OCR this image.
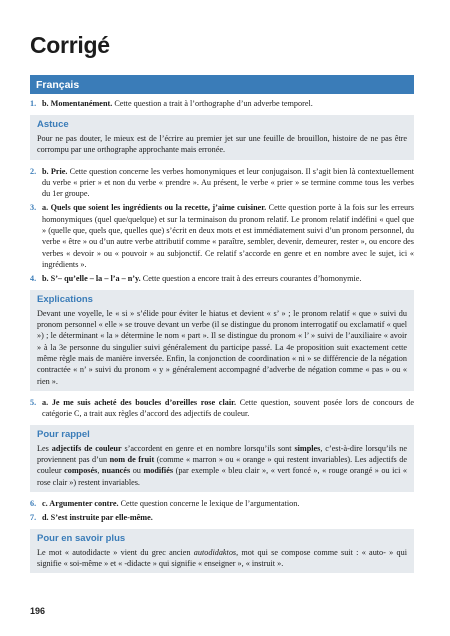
Corrigé
Français
1. b. Momentanément. Cette question a trait à l’orthographe d’un adverbe temporel.
Astuce
Pour ne pas douter, le mieux est de l’écrire au premier jet sur une feuille de brouillon, histoire de ne pas être corrompu par une orthographe approchante mais erronée.
2. b. Prie. Cette question concerne les verbes homonymiques et leur conjugaison. Il s’agit bien là contextuellement du verbe « prier » et non du verbe « prendre ». Au présent, le verbe « prier » se termine comme tous les verbes du 1er groupe.
3. a. Quels que soient les ingrédients ou la recette, j’aime cuisiner. Cette question porte à la fois sur les erreurs homonymiques (quel que/quelque) et sur la terminaison du pronom relatif. Le pronom relatif indéfini « quel que » (quelle que, quels que, quelles que) s’écrit en deux mots et est immédiatement suivi d’un pronom personnel, du verbe « être » ou d’un autre verbe attributif comme « paraître, sembler, devenir, demeurer, rester », ou encore des verbes « devoir » ou « pouvoir » au subjonctif. Ce relatif s’accorde en genre et en nombre avec le sujet, ici « ingrédients ».
4. b. S’– qu’elle – la – l’a – n’y. Cette question a encore trait à des erreurs courantes d’homonymie.
Explications
Devant une voyelle, le « si » s’élide pour éviter le hiatus et devient « s’ » ; le pronom relatif « que » suivi du pronom personnel « elle » se trouve devant un verbe (il se distingue du pronom interrogatif ou exclamatif « quel ») ; le déterminant « la » détermine le nom « part ». Il se distingue du pronom « l’ » suivi de l’auxiliaire « avoir » à la 3e personne du singulier suivi généralement du participe passé. La 4e proposition suit exactement cette même règle mais de manière inversée. Enfin, la conjonction de coordination « ni » se différencie de la négation contractée « n’ » suivi du pronom « y » généralement accompagné d’adverbe de négation comme « pas » ou « rien ».
5. a. Je me suis acheté des boucles d’oreilles rose clair. Cette question, souvent posée lors de concours de catégorie C, a trait aux règles d’accord des adjectifs de couleur.
Pour rappel
Les adjectifs de couleur s’accordent en genre et en nombre lorsqu’ils sont simples, c’est-à-dire lorsqu’ils ne proviennent pas d’un nom de fruit (comme « marron » ou « orange » qui restent invariables). Les adjectifs de couleur composés, nuancés ou modifiés (par exemple « bleu clair », « vert foncé », « rouge orangé » ou ici « rose clair ») restent invariables.
6. c. Argumenter contre. Cette question concerne le lexique de l’argumentation.
7. d. S’est instruite par elle-même.
Pour en savoir plus
Le mot « autodidacte » vient du grec ancien autodidaktos, mot qui se compose comme suit : « auto- » qui signifie « soi-même » et « -didacte » qui signifie « enseigner », « instruit ».
196
